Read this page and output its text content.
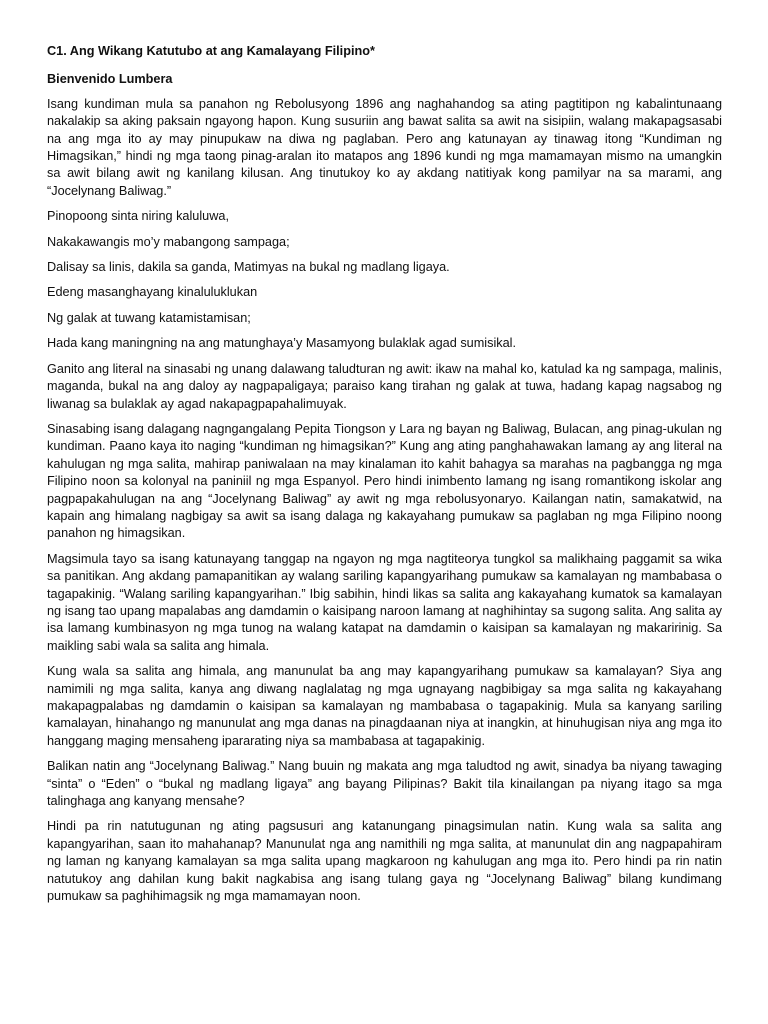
C1. Ang Wikang Katutubo at ang Kamalayang Filipino*
Bienvenido Lumbera

Isang kundiman mula sa panahon ng Rebolusyong 1896 ang naghahandog sa ating pagtitipon ng kabalintunaang nakalakip sa aking paksain ngayong hapon. Kung susuriin ang bawat salita sa awit na sisipiin, walang makapagsasabi na ang mga ito ay may pinupukaw na diwa ng paglaban. Pero ang katunayan ay tinawag itong “Kundiman ng Himagsikan,” hindi ng mga taong pinag-aralan ito matapos ang 1896 kundi ng mga mamamayan mismo na umangkin sa awit bilang awit ng kanilang kilusan. Ang tinutukoy ko ay akdang natitiyak kong pamilyar na sa marami, ang “Jocelynang Baliwag.”

Pinopoong sinta niring kaluluwa,

Nakakawangis mo’y mabangong sampaga;

Dalisay sa linis, dakila sa ganda, Matimyas na bukal ng madlang ligaya.

Edeng masanghayang kinaluluklukan

Ng galak at tuwang katamistamisan;

Hada kang maningning na ang matunghaya’y Masamyong bulaklak agad sumisikal.

Ganito ang literal na sinasabi ng unang dalawang taludturan ng awit: ikaw na mahal ko, katulad ka ng sampaga, malinis, maganda, bukal na ang daloy ay nagpapaligaya; paraiso kang tirahan ng galak at tuwa, hadang kapag nagsabog ng liwanag sa bulaklak ay agad nakapagpapahalimuyak.

Sinasabing isang dalagang nagngangalang Pepita Tiongson y Lara ng bayan ng Baliwag, Bulacan, ang pinag-ukulan ng kundiman. Paano kaya ito naging “kundiman ng himagsikan?” Kung ang ating panghahawakan lamang ay ang literal na kahulugan ng mga salita, mahirap paniwalaan na may kinalaman ito kahit bahagya sa marahas na pagbangga ng mga Filipino noon sa kolonyal na paniniil ng mga Espanyol. Pero hindi inimbento lamang ng isang romantikong iskolar ang pagpapakahulugan na ang “Jocelynang Baliwag” ay awit ng mga rebolusyonaryo. Kailangan natin, samakatwid, na kapain ang himalang nagbigay sa awit sa isang dalaga ng kakayahang pumukaw sa paglaban ng mga Filipino noong panahon ng himagsikan.

Magsimula tayo sa isang katunayang tanggap na ngayon ng mga nagtiteorya tungkol sa malikhaing paggamit sa wika sa panitikan. Ang akdang pamapanitikan ay walang sariling kapangyarihang pumukaw sa kamalayan ng mambabasa o tagapakinig. “Walang sariling kapangyarihan.” Ibig sabihin, hindi likas sa salita ang kakayahang kumatok sa kamalayan ng isang tao upang mapalabas ang damdamin o kaisipang naroon lamang at naghihintay sa sugong salita. Ang salita ay isa lamang kumbinasyon ng mga tunog na walang katapat na damdamin o kaisipan sa kamalayan ng makaririnig. Sa maikling sabi wala sa salita ang himala.

Kung wala sa salita ang himala, ang manunulat ba ang may kapangyarihang pumukaw sa kamalayan? Siya ang namimili ng mga salita, kanya ang diwang naglalatag ng mga ugnayang nagbibigay sa mga salita ng kakayahang makapagpalabas ng damdamin o kaisipan sa kamalayan ng mambabasa o tagapakinig. Mula sa kanyang sariling kamalayan, hinahango ng manunulat ang mga danas na pinagdaanan niya at inangkin, at hinuhugisan niya ang mga ito hanggang maging mensaheng ipararating niya sa mambabasa at tagapakinig.

Balikan natin ang “Jocelynang Baliwag.” Nang buuin ng makata ang mga taludtod ng awit, sinadya ba niyang tawaging “sinta” o “Eden” o “bukal ng madlang ligaya” ang bayang Pilipinas? Bakit tila kinailangan pa niyang itago sa mga talinghaga ang kanyang mensahe?

Hindi pa rin natutugunan ng ating pagsusuri ang katanungang pinagsimulan natin. Kung wala sa salita ang kapangyarihan, saan ito mahahanap? Manunulat nga ang namithili ng mga salita, at manunulat din ang nagpapahiram ng laman ng kanyang kamalayan sa mga salita upang magkaroon ng kahulugan ang mga ito. Pero hindi pa rin natin natutukoy ang dahilan kung bakit nagkabisa ang isang tulang gaya ng “Jocelynang Baliwag” bilang kundimang pumukaw sa paghihimagsik ng mga mamamayan noon.
